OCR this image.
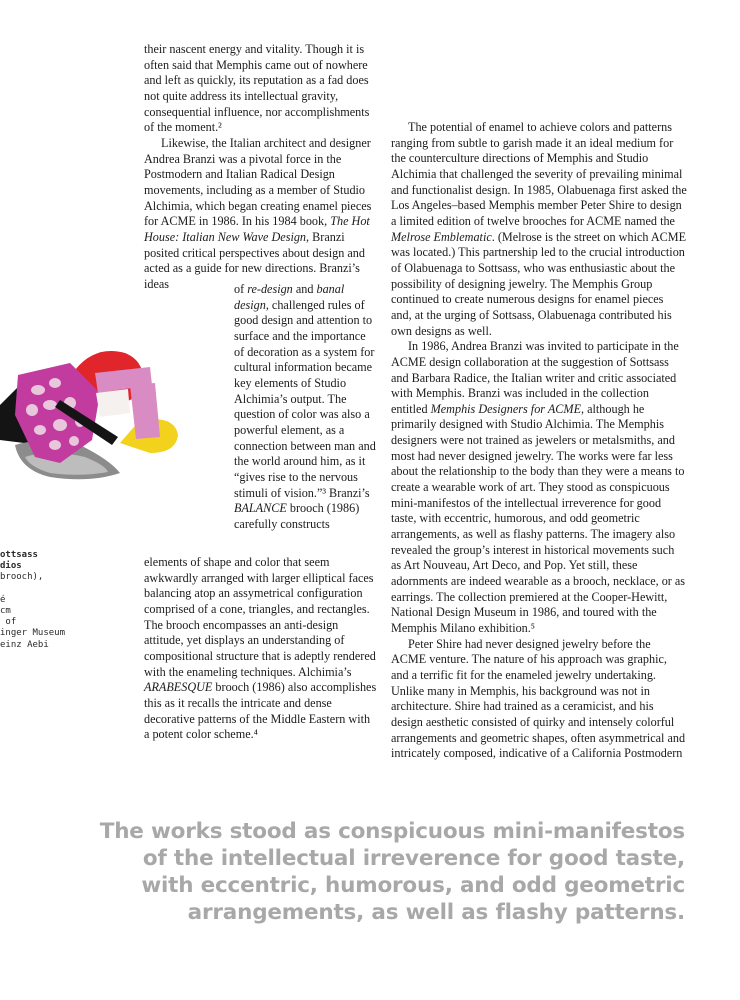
their nascent energy and vitality. Though it is often said that Memphis came out of nowhere and left as quickly, its reputation as a fad does not quite address its intellectual gravity, consequential influence, nor accomplishments of the moment.²

Likewise, the Italian architect and designer Andrea Branzi was a pivotal force in the Postmodern and Italian Radical Design movements, including as a member of Studio Alchimia, which began creating enamel pieces for ACME in 1986. In his 1984 book, The Hot House: Italian New Wave Design, Branzi posited critical perspectives about design and acted as a guide for new directions. Branzi’s ideas	of re-design and banal design, challenged rules of good design and attention to surface and the importance of decoration as a system for cultural information became key elements of Studio Alchimia’s output. The question of color was also a powerful element, as a connection between man and the world around him, as it “gives rise to the nervous stimuli of vision.”³ Branzi’s BALANCE brooch (1986) carefully constructs

elements of shape and color that seem awkwardly arranged with larger elliptical faces balancing atop an assymetrical configuration comprised of a cone, triangles, and rectangles. The brooch encompasses an anti-design attitude, yet displays an understanding of compositional structure that is adeptly rendered with the enameling techniques. Alchimia’s ARABESQUE brooch (1986) also accomplishes this as it recalls the intricate and dense decorative patterns of the Middle Eastern with a potent color scheme.⁴

The potential of enamel to achieve colors and patterns ranging from subtle to garish made it an ideal medium for the counterculture directions of Memphis and Studio Alchimia that challenged the severity of prevailing minimal and functionalist design. In 1985, Olabuenaga first asked the Los Angeles–based Memphis member Peter Shire to design a limited edition of twelve brooches for ACME named the Melrose Emblematic. (Melrose is the street on which ACME was located.) This partnership led to the crucial introduction of Olabuenaga to Sottsass, who was enthusiastic about the possibility of designing jewelry. The Memphis Group continued to create numerous designs for enamel pieces and, at the urging of Sottsass, Olabuenaga contributed his own designs as well.

In 1986, Andrea Branzi was invited to participate in the ACME design collaboration at the suggestion of Sottsass and Barbara Radice, the Italian writer and critic associated with Memphis. Branzi was included in the collection entitled Memphis Designers for ACME, although he primarily designed with Studio Alchimia. The Memphis designers were not trained as jewelers or metalsmiths, and most had never designed jewelry. The works were far less about the relationship to the body than they were a means to create a wearable work of art. They stood as conspicuous mini-manifestos of the intellectual irreverence for good taste, with eccentric, humorous, and odd geometric arrangements, as well as flashy patterns. The imagery also revealed the group’s interest in historical movements such as Art Nouveau, Art Deco, and Pop. Yet still, these adornments are indeed wearable as a brooch, necklace, or as earrings. The collection premiered at the Cooper-Hewitt, National Design Museum in 1986, and toured with the Memphis Milano exhibition.⁵

Peter Shire had never designed jewelry before the ACME venture. The nature of his approach was graphic, and a terrific fit for the enameled jewelry undertaking. Unlike many in Memphis, his background was not in architecture. Shire had trained as a ceramicist, and his design aesthetic consisted of quirky and intensely colorful arrangements and geometric shapes, often asymmetrical and intricately composed, indicative of a California Postmodern

ottsass
dios
brooch),

é
cm
of
inger Museum
einz Aebi
The works stood as conspicuous mini-manifestos
of the intellectual irreverence for good taste,
with eccentric, humorous, and odd geometric
arrangements, as well as flashy patterns.
